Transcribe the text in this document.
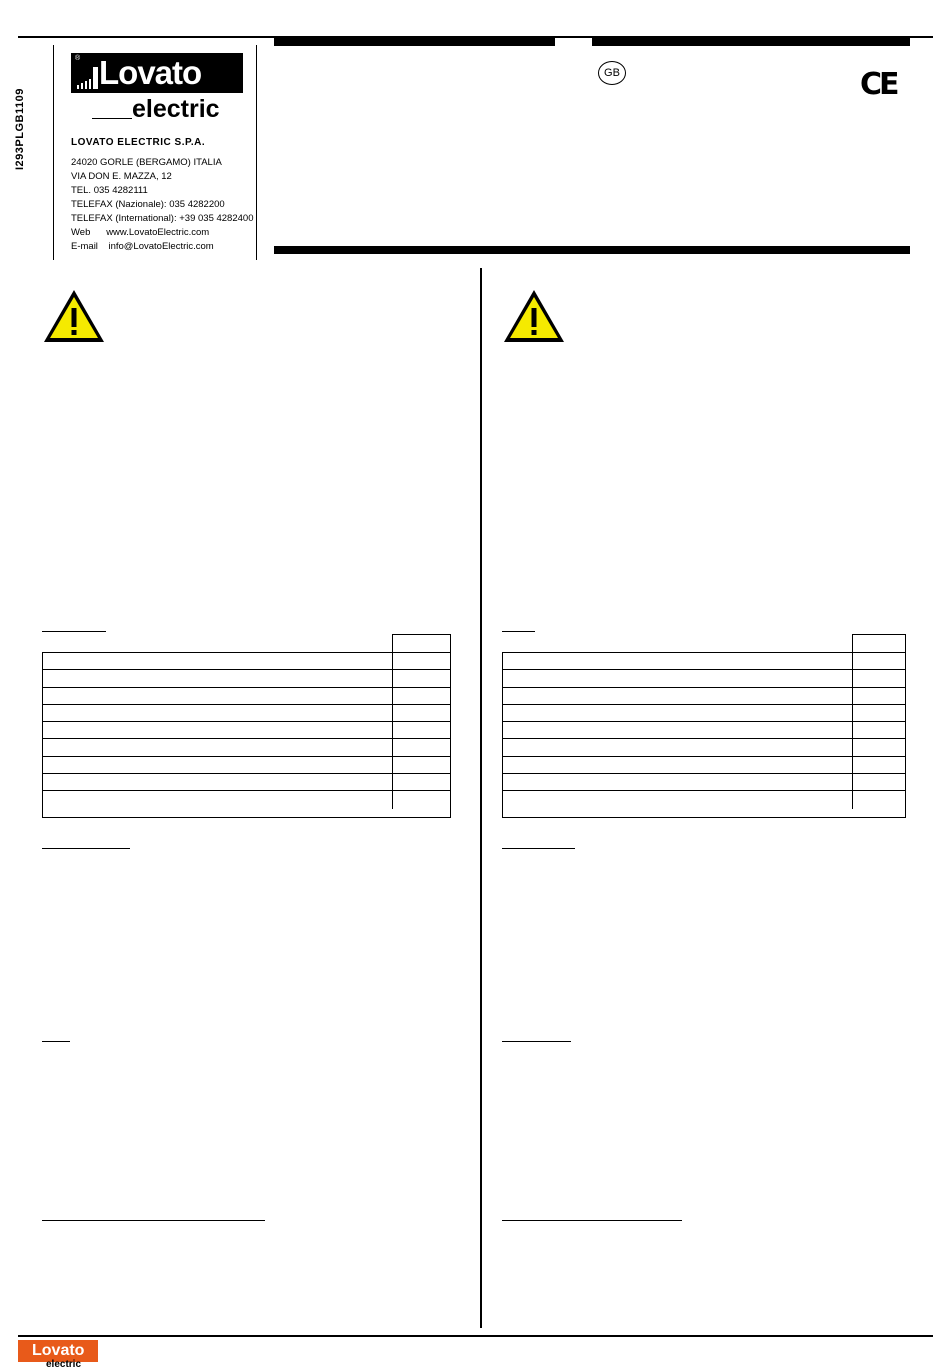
I293PLGB1109
® Lovato
electric
LOVATO ELECTRIC S.P.A.
24020 GORLE (BERGAMO) ITALIA
VIA DON E. MAZZA, 12
TEL. 035 4282111
TELEFAX (Nazionale): 035 4282200
TELEFAX (International): +39 035 4282400
Web      www.LovatoElectric.com
E-mail    info@LovatoElectric.com
GB	CE
Lovato
electric
